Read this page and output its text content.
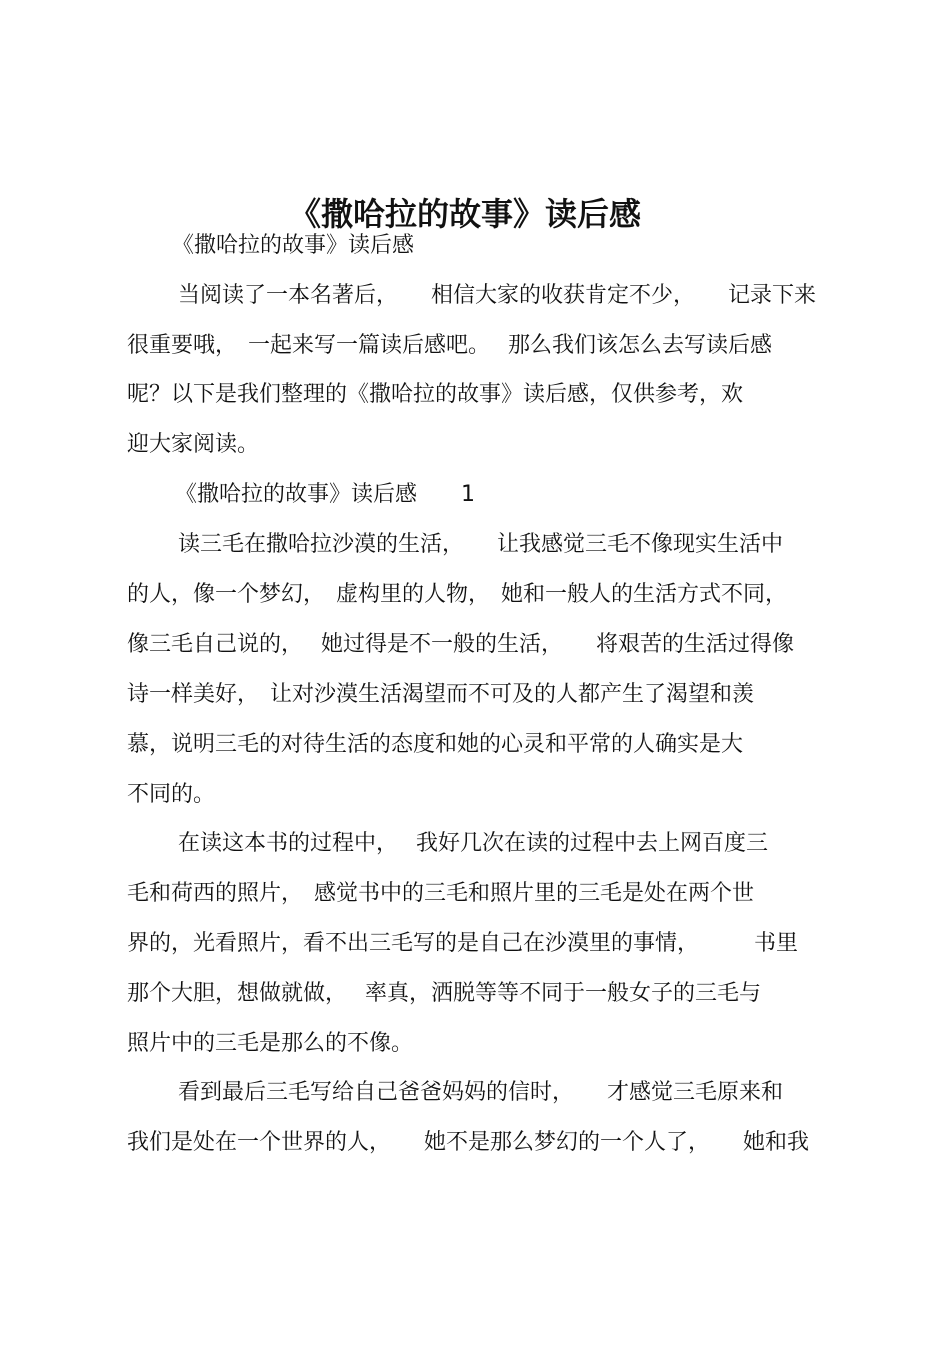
《撒哈拉的故事》读后感

《撒哈拉的故事》读后感

当阅读了一本名著后，　　相信大家的收获肯定不少，　　记录下来

很重要哦，　一起来写一篇读后感吧。　 那么我们该怎么去写读后感

呢？以下是我们整理的《撒哈拉的故事》读后感，仅供参考，欢

迎大家阅读。

《撒哈拉的故事》读后感　　1

读三毛在撒哈拉沙漠的生活，　　让我感觉三毛不像现实生活中

的人，像一个梦幻，　虚构里的人物，　她和一般人的生活方式不同，

像三毛自己说的，　 她过得是不一般的生活，　　将艰苦的生活过得像

诗一样美好，　让对沙漠生活渴望而不可及的人都产生了渴望和羡

慕，说明三毛的对待生活的态度和她的心灵和平常的人确实是大

不同的。

在读这本书的过程中，　 我好几次在读的过程中去上网百度三

毛和荷西的照片，　感觉书中的三毛和照片里的三毛是处在两个世

界的，光看照片，看不出三毛写的是自己在沙漠里的事情，　　　书里

那个大胆，想做就做，　 率真，洒脱等等不同于一般女子的三毛与

照片中的三毛是那么的不像。

看到最后三毛写给自己爸爸妈妈的信时，　　才感觉三毛原来和

我们是处在一个世界的人，　　她不是那么梦幻的一个人了，　　她和我
